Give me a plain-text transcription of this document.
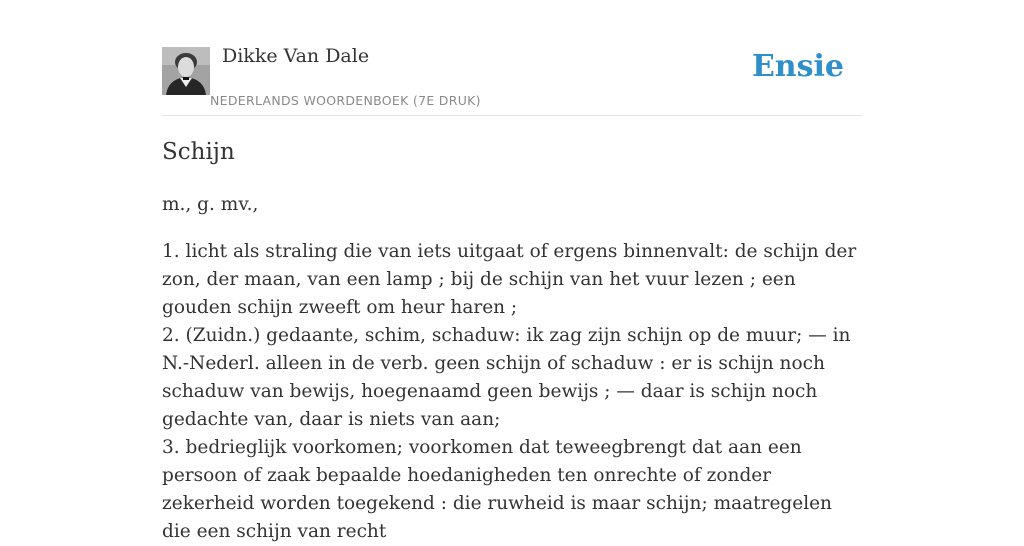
Dikke Van Dale
NEDERLANDS WOORDENBOEK (7E DRUK)
Ensie
Schijn

m., g. mv.,

1. licht als straling die van iets uitgaat of ergens binnenvalt: de schijn der zon, der maan, van een lamp ; bij de schijn van het vuur lezen ; een gouden schijn zweeft om heur haren ;

2. (Zuidn.) gedaante, schim, schaduw: ik zag zijn schijn op de muur; — in N.-Nederl. alleen in de verb. geen schijn of schaduw : er is schijn noch schaduw van bewijs, hoegenaamd geen bewijs ; — daar is schijn noch gedachte van, daar is niets van aan;

3. bedrieglijk voorkomen; voorkomen dat teweegbrengt dat aan een persoon of zaak bepaalde hoedanigheden ten onrechte of zonder zekerheid worden toegekend : die ruwheid is maar schijn; maatregelen die een schijn van recht
